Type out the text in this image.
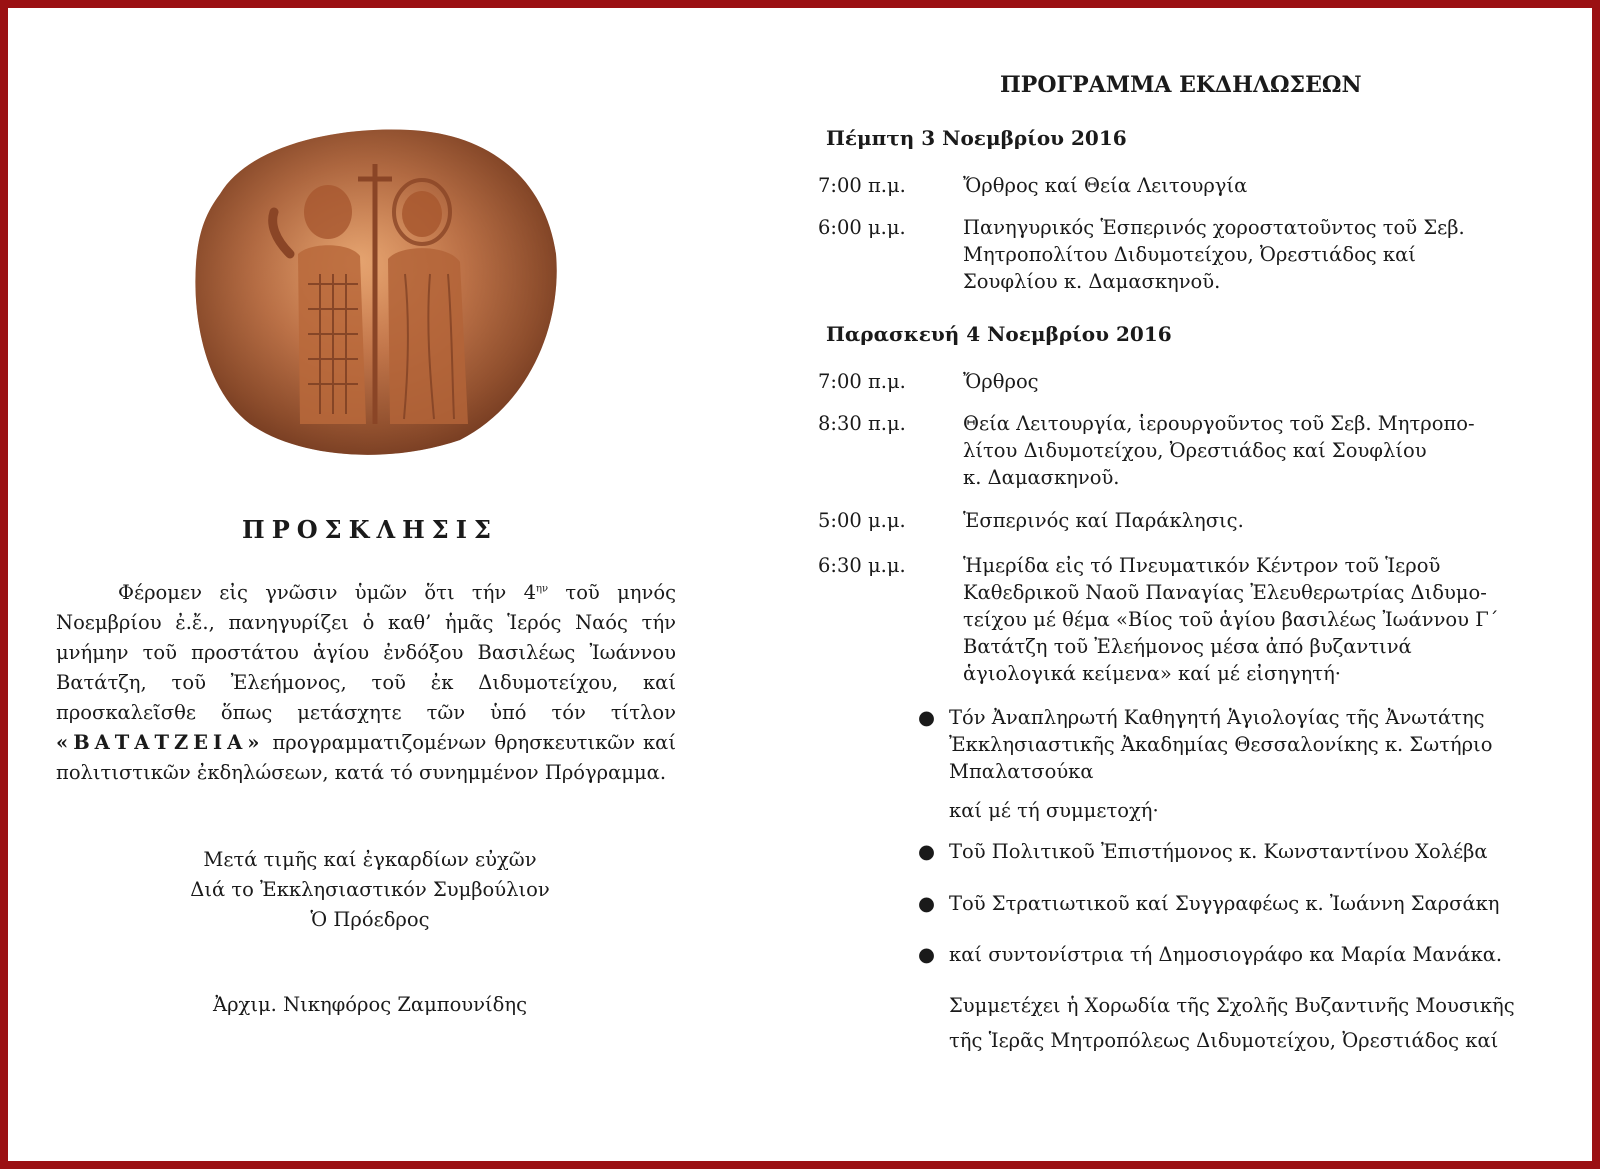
ΠΡΟΣΚΛΗΣΙΣ
Φέρομεν εἰς γνῶσιν ὑμῶν ὅτι τήν $4^{\eta\nu}$ τοῦ μηνός Νοεμβρίου ἐ.ἔ., πανηγυρίζει ὁ καθ’ ἡμᾶς Ἱερός Ναός τήν μνήμην τοῦ προστάτου ἁγίου ἐνδόξου Βασιλέως Ἰωάννου Βατάτζη, τοῦ Ἐλεήμονος, τοῦ ἐκ Διδυμοτείχου, καί προσκαλεῖσθε ὅπως μετάσχητε τῶν ὑπό τόν τίτλον «ΒΑΤΑΤΖΕΙΑ» προγραμματιζομένων θρησκευτικῶν καί πολιτιστικῶν ἐκδηλώσεων, κατά τό συνημμένον Πρόγραμμα.
Μετά τιμῆς καί ἐγκαρδίων εὐχῶν
Διά το Ἐκκλησιαστικόν Συμβούλιον
Ὁ Πρόεδρος
Ἀρχιμ. Νικηφόρος Ζαμπουνίδης
ΠΡΟΓΡΑΜΜΑ ΕΚΔΗΛΩΣΕΩΝ
Πέμπτη 3 Νοεμβρίου 2016
7:00 π.μ.	Ὄρθρος καί Θεία Λειτουργία
6:00 μ.μ.	Πανηγυρικός Ἑσπερινός χοροστατοῦντος τοῦ Σεβ.
Μητροπολίτου Διδυμοτείχου, Ὀρεστιάδος καί
Σουφλίου κ. Δαμασκηνοῦ.
Παρασκευή 4 Νοεμβρίου 2016
7:00 π.μ.	Ὄρθρος
8:30 π.μ.	Θεία Λειτουργία, ἱερουργοῦντος τοῦ Σεβ. Μητροπο-
λίτου Διδυμοτείχου, Ὀρεστιάδος καί Σουφλίου
κ. Δαμασκηνοῦ.
5:00 μ.μ.	Ἑσπερινός καί Παράκλησις.
6:30 μ.μ.	Ἡμερίδα εἰς τό Πνευματικόν Κέντρον τοῦ Ἱεροῦ
Καθεδρικοῦ Ναοῦ Παναγίας Ἐλευθερωτρίας Διδυμο-
τείχου μέ θέμα «Βίος τοῦ ἁγίου βασιλέως Ἰωάννου Γ΄
Βατάτζη τοῦ Ἐλεήμονος μέσα ἀπό βυζαντινά
ἁγιολογικά κείμενα» καί μέ εἰσηγητή·
● Τόν Ἀναπληρωτή Καθηγητή Ἁγιολογίας τῆς Ἀνωτάτης
Ἐκκλησιαστικῆς Ἀκαδημίας Θεσσαλονίκης κ. Σωτήριο
Μπαλατσούκα
καί μέ τή συμμετοχή·
● Τοῦ Πολιτικοῦ Ἐπιστήμονος κ. Κωνσταντίνου Χολέβα
● Τοῦ Στρατιωτικοῦ καί Συγγραφέως κ. Ἰωάννη Σαρσάκη
● καί συντονίστρια τή Δημοσιογράφο κα Μαρία Μανάκα.
Συμμετέχει ἡ Χορωδία τῆς Σχολῆς Βυζαντινῆς Μουσικῆς
τῆς Ἱερᾶς Μητροπόλεως Διδυμοτείχου, Ὀρεστιάδος καί
